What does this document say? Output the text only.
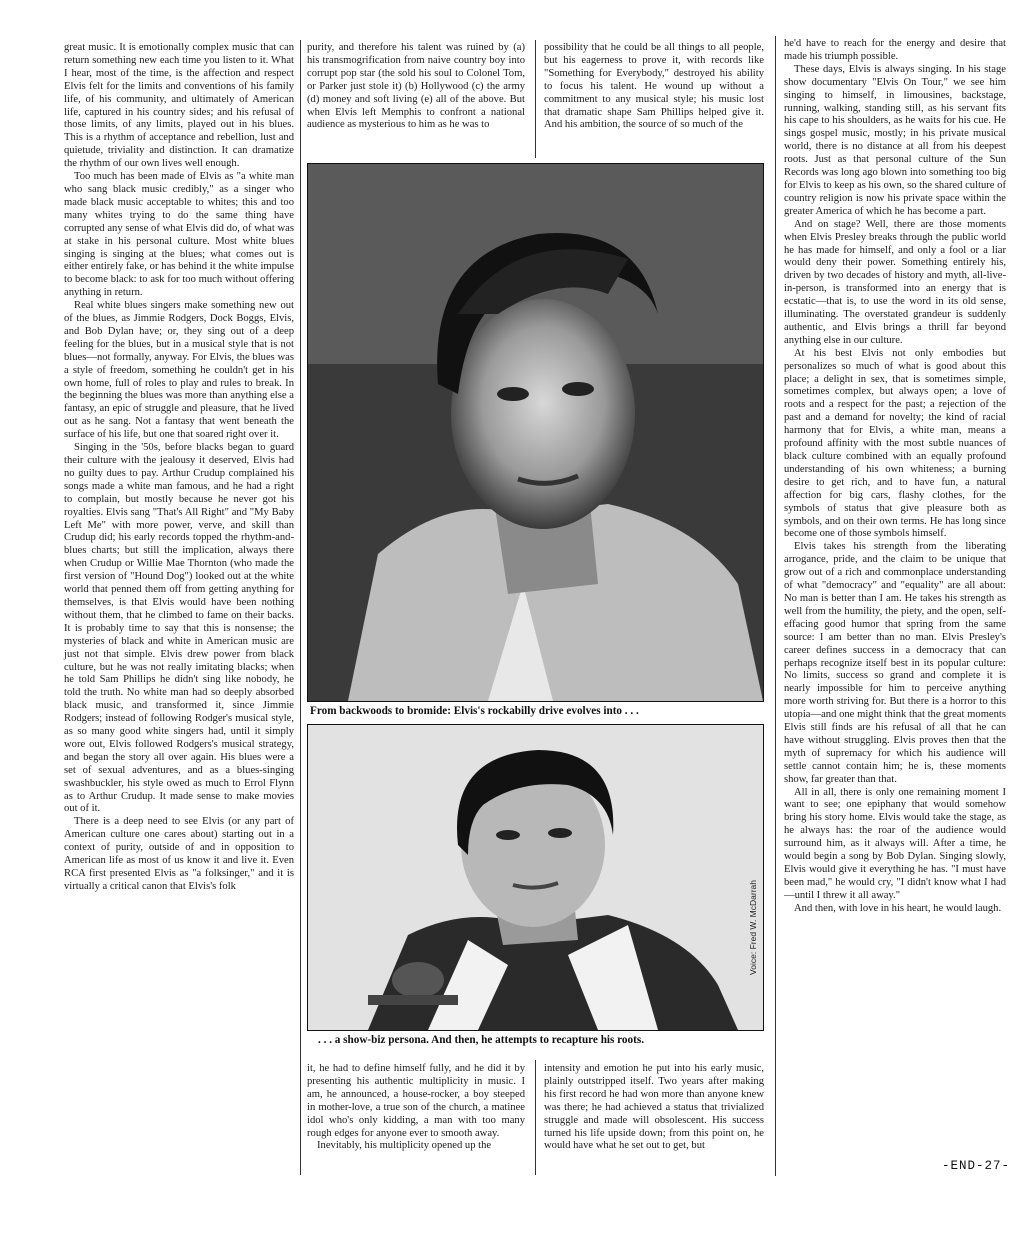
great music. It is emotionally complex music that can return something new each time you listen to it. What I hear, most of the time, is the affection and respect Elvis felt for the limits and conventions of his family life, of his community, and ultimately of American life, captured in his country sides; and his refusal of those limits, of any limits, played out in his blues. This is a rhythm of acceptance and rebellion, lust and quietude, triviality and distinction. It can dramatize the rhythm of our own lives well enough.

Too much has been made of Elvis as "a white man who sang black music credibly," as a singer who made black music acceptable to whites; this and too many whites trying to do the same thing have corrupted any sense of what Elvis did do, of what was at stake in his personal culture. Most white blues singing is singing at the blues; what comes out is either entirely fake, or has behind it the white impulse to become black: to ask for too much without offering anything in return.

Real white blues singers make something new out of the blues, as Jimmie Rodgers, Dock Boggs, Elvis, and Bob Dylan have; or, they sing out of a deep feeling for the blues, but in a musical style that is not blues—not formally, anyway. For Elvis, the blues was a style of freedom, something he couldn't get in his own home, full of roles to play and rules to break. In the beginning the blues was more than anything else a fantasy, an epic of struggle and pleasure, that he lived out as he sang. Not a fantasy that went beneath the surface of his life, but one that soared right over it.

Singing in the '50s, before blacks began to guard their culture with the jealousy it deserved, Elvis had no guilty dues to pay. Arthur Crudup complained his songs made a white man famous, and he had a right to complain, but mostly because he never got his royalties. Elvis sang "That's All Right" and "My Baby Left Me" with more power, verve, and skill than Crudup did; his early records topped the rhythm-and-blues charts; but still the implication, always there when Crudup or Willie Mae Thornton (who made the first version of "Hound Dog") looked out at the white world that penned them off from getting anything for themselves, is that Elvis would have been nothing without them, that he climbed to fame on their backs. It is probably time to say that this is nonsense; the mysteries of black and white in American music are just not that simple. Elvis drew power from black culture, but he was not really imitating blacks; when he told Sam Phillips he didn't sing like nobody, he told the truth. No white man had so deeply absorbed black music, and transformed it, since Jimmie Rodgers; instead of following Rodger's musical style, as so many good white singers had, until it simply wore out, Elvis followed Rodgers's musical strategy, and began the story all over again. His blues were a set of sexual adventures, and as a blues-singing swashbuckler, his style owed as much to Errol Flynn as to Arthur Crudup. It made sense to make movies out of it.

There is a deep need to see Elvis (or any part of American culture one cares about) starting out in a context of purity, outside of and in opposition to American life as most of us know it and live it. Even RCA first presented Elvis as "a folksinger," and it is virtually a critical canon that Elvis's folk

purity, and therefore his talent was ruined by (a) his transmogrification from naive country boy into corrupt pop star (the sold his soul to Colonel Tom, or Parker just stole it) (b) Hollywood (c) the army (d) money and soft living (e) all of the above. But when Elvis left Memphis to confront a national audience as mysterious to him as he was to

possibility that he could be all things to all people, but his eagerness to prove it, with records like "Something for Everybody," destroyed his ability to focus his talent. He wound up without a commitment to any musical style; his music lost that dramatic shape Sam Phillips helped give it. And his ambition, the source of so much of the

he'd have to reach for the energy and desire that made his triumph possible.

These days, Elvis is always singing. In his stage show documentary "Elvis On Tour," we see him singing to himself, in limousines, backstage, running, walking, standing still, as his servant fits his cape to his shoulders, as he waits for his cue. He sings gospel music, mostly; in his private musical world, there is no distance at all from his deepest roots. Just as that personal culture of the Sun Records was long ago blown into something too big for Elvis to keep as his own, so the shared culture of country religion is now his private space within the greater America of which he has become a part.

And on stage? Well, there are those moments when Elvis Presley breaks through the public world he has made for himself, and only a fool or a liar would deny their power. Something entirely his, driven by two decades of history and myth, all-live-in-person, is transformed into an energy that is ecstatic—that is, to use the word in its old sense, illuminating. The overstated grandeur is suddenly authentic, and Elvis brings a thrill far beyond anything else in our culture.

At his best Elvis not only embodies but personalizes so much of what is good about this place; a delight in sex, that is sometimes simple, sometimes complex, but always open; a love of roots and a respect for the past; a rejection of the past and a demand for novelty; the kind of racial harmony that for Elvis, a white man, means a profound affinity with the most subtle nuances of black culture combined with an equally profound understanding of his own whiteness; a burning desire to get rich, and to have fun, a natural affection for big cars, flashy clothes, for the symbols of status that give pleasure both as symbols, and on their own terms. He has long since become one of those symbols himself.

Elvis takes his strength from the liberating arrogance, pride, and the claim to be unique that grow out of a rich and commonplace understanding of what "democracy" and "equality" are all about: No man is better than I am. He takes his strength as well from the humility, the piety, and the open, self-effacing good humor that spring from the same source: I am better than no man. Elvis Presley's career defines success in a democracy that can perhaps recognize itself best in its popular culture: No limits, success so grand and complete it is nearly impossible for him to perceive anything more worth striving for. But there is a horror to this utopia—and one might think that the great moments Elvis still finds are his refusal of all that he can have without struggling. Elvis proves then that the myth of supremacy for which his audience will settle cannot contain him; he is, these moments show, far greater than that.

All in all, there is only one remaining moment I want to see; one epiphany that would somehow bring his story home. Elvis would take the stage, as he always has: the roar of the audience would surround him, as it always will. After a time, he would begin a song by Bob Dylan. Singing slowly, Elvis would give it everything he has. "I must have been mad," he would cry, "I didn't know what I had—until I threw it all away."

And then, with love in his heart, he would laugh.

From backwoods to bromide: Elvis's rockabilly drive evolves into . . .
Voice: Fred W. McDarrah
. . . a show-biz persona. And then, he attempts to recapture his roots.

it, he had to define himself fully, and he did it by presenting his authentic multiplicity in music. I am, he announced, a house-rocker, a boy steeped in mother-love, a true son of the church, a matinee idol who's only kidding, a man with too many rough edges for anyone ever to smooth away.

Inevitably, his multiplicity opened up the

intensity and emotion he put into his early music, plainly outstripped itself. Two years after making his first record he had won more than anyone knew was there; he had achieved a status that trivialized struggle and made will obsolescent. His success turned his life upside down; from this point on, he would have what he set out to get, but

-END-27-
